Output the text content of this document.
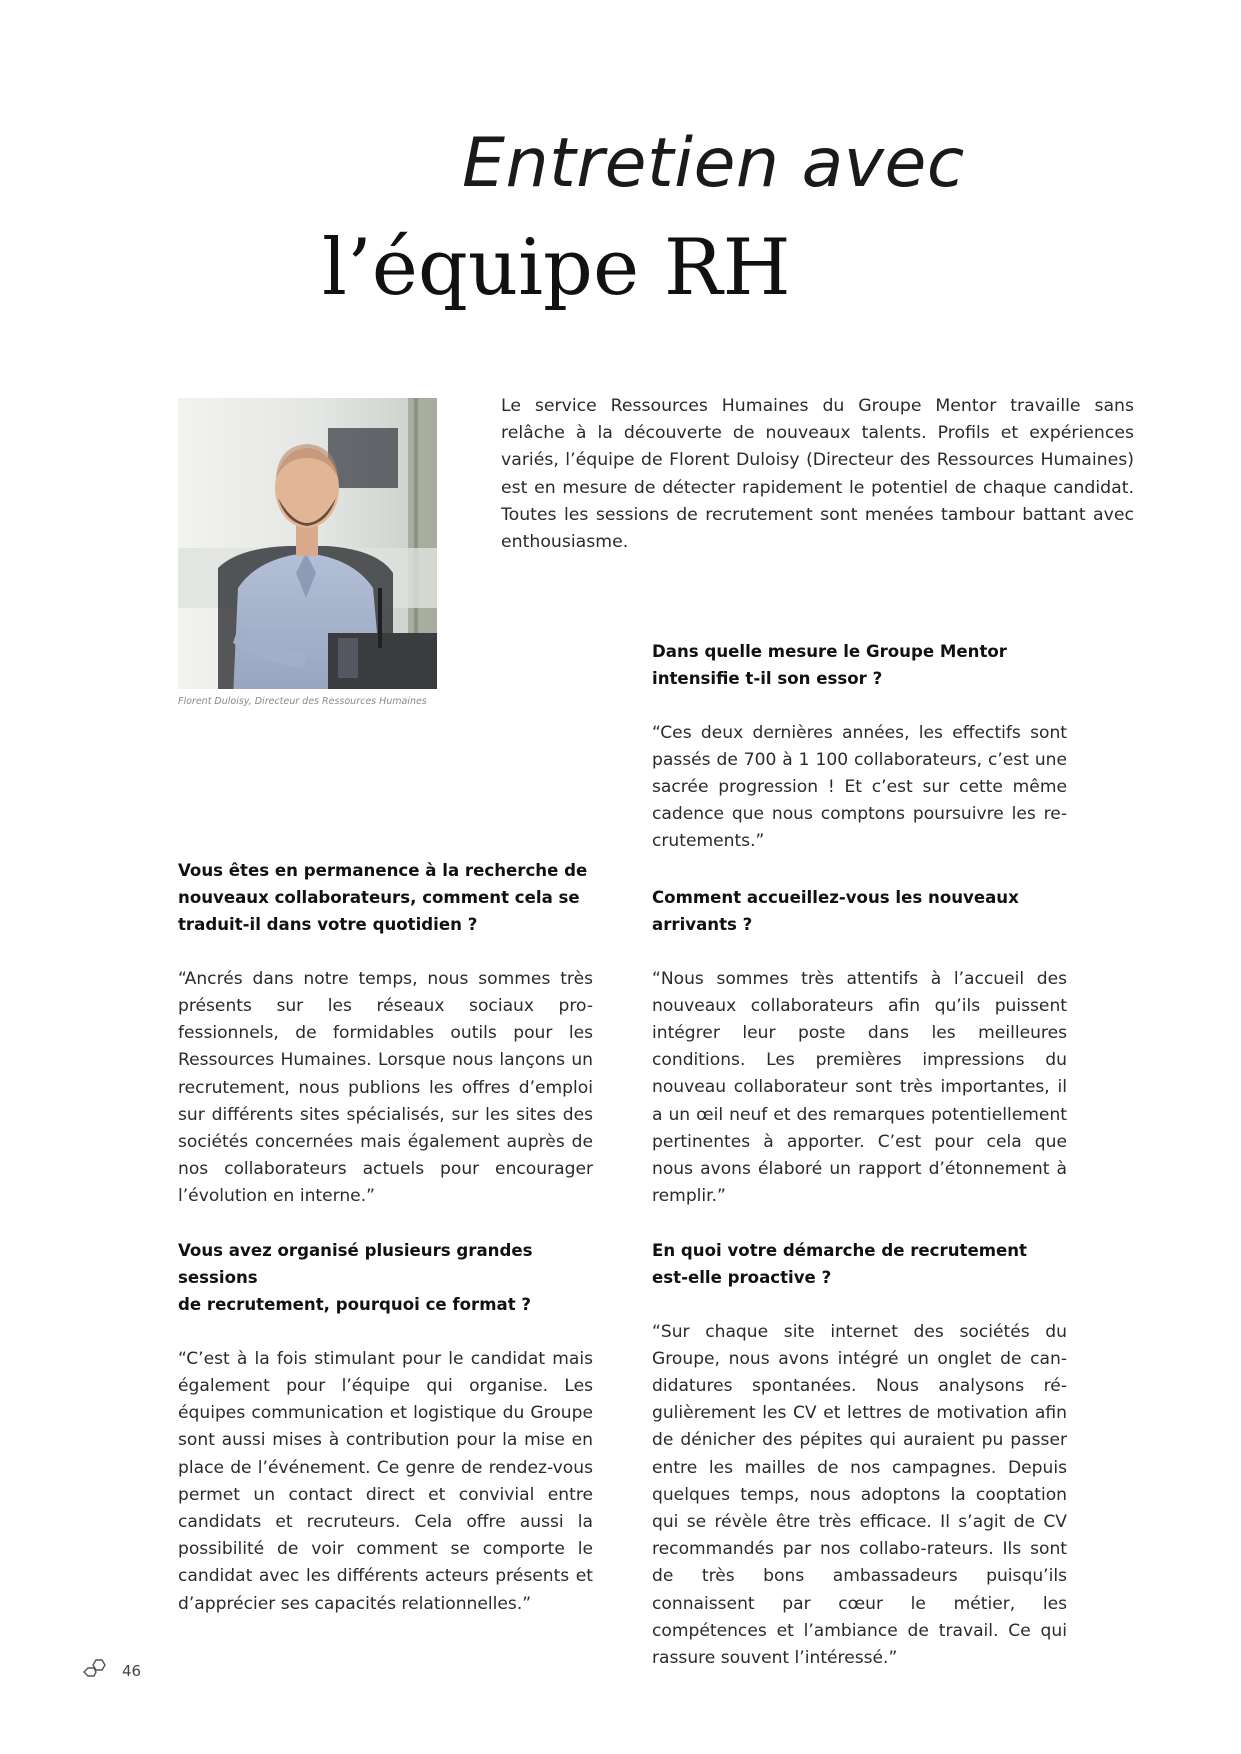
Entretien avec
l’équipe RH
Florent Duloisy, Directeur des Ressources Humaines
Le service Ressources Humaines du Groupe Mentor travaille sans relâche à la découverte de nouveaux talents. Profils et expériences variés, l’équipe de Florent Duloisy (Directeur des Ressources Humaines) est en mesure de détecter rapidement le potentiel de chaque candidat. Toutes les sessions de recrutement sont menées tambour battant avec enthousiasme.
Dans quelle mesure le Groupe Mentor
intensifie t-il son essor ?
“Ces deux dernières années, les effectifs sont passés de 700 à 1 100 collaborateurs, c’est une sacrée progression ! Et c’est sur cette même cadence que nous comptons poursuivre les re-crutements.”
Vous êtes en permanence à la recherche de
nouveaux collaborateurs, comment cela se
traduit-il dans votre quotidien ?
“Ancrés dans notre temps, nous sommes très présents sur les réseaux sociaux pro-fessionnels, de formidables outils pour les Ressources Humaines. Lorsque nous lançons un recrutement, nous publions les offres d’emploi sur différents sites spécialisés, sur les sites des sociétés concernées mais également auprès de nos collaborateurs actuels pour encourager l’évolution en interne.”
Comment accueillez-vous les nouveaux
arrivants ?
“Nous sommes très attentifs à l’accueil des nouveaux collaborateurs afin qu’ils puissent intégrer leur poste dans les meilleures conditions. Les premières impressions du nouveau collaborateur sont très importantes, il a un œil neuf et des remarques potentiellement pertinentes à apporter. C’est pour cela que nous avons élaboré un rapport d’étonnement à remplir.”
Vous avez organisé plusieurs grandes sessions
de recrutement, pourquoi ce format ?
“C’est à la fois stimulant pour le candidat mais également pour l’équipe qui organise. Les équipes communication et logistique du Groupe sont aussi mises à contribution pour la mise en place de l’événement. Ce genre de rendez-vous permet un contact direct et convivial entre candidats et recruteurs. Cela offre aussi la possibilité de voir comment se comporte le candidat avec les différents acteurs présents et d’apprécier ses capacités relationnelles.”
En quoi votre démarche de recrutement
est-elle proactive ?
“Sur chaque site internet des sociétés du Groupe, nous avons intégré un onglet de can-didatures spontanées. Nous analysons ré-gulièrement les CV et lettres de motivation afin de dénicher des pépites qui auraient pu passer entre les mailles de nos campagnes. Depuis quelques temps, nous adoptons la cooptation qui se révèle être très efficace. Il s’agit de CV recommandés par nos collabo-rateurs. Ils sont de très bons ambassadeurs puisqu’ils connaissent par cœur le métier, les compétences et l’ambiance de travail. Ce qui rassure souvent l’intéressé.”
46
